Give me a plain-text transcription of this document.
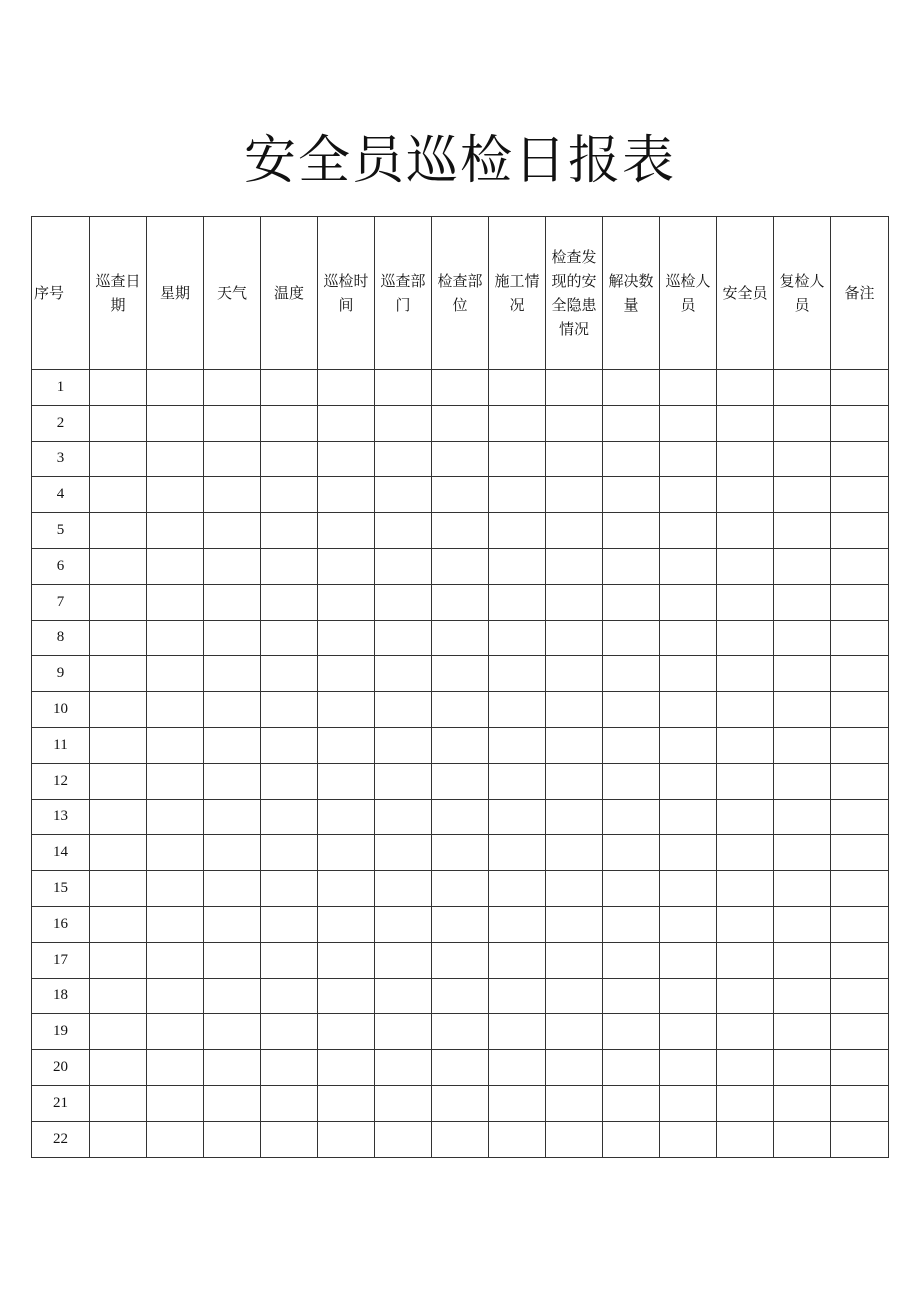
安全员巡检日报表
序号	巡查日期	星期	天气	温度	巡检时间	巡查部门	检查部位	施工情况	检查发现的安全隐患情况	解决数量	巡检人员	安全员	复检人员	备注
1														
2														
3														
4														
5														
6														
7														
8														
9														
10														
11														
12														
13														
14														
15														
16														
17														
18														
19														
20														
21														
22														
